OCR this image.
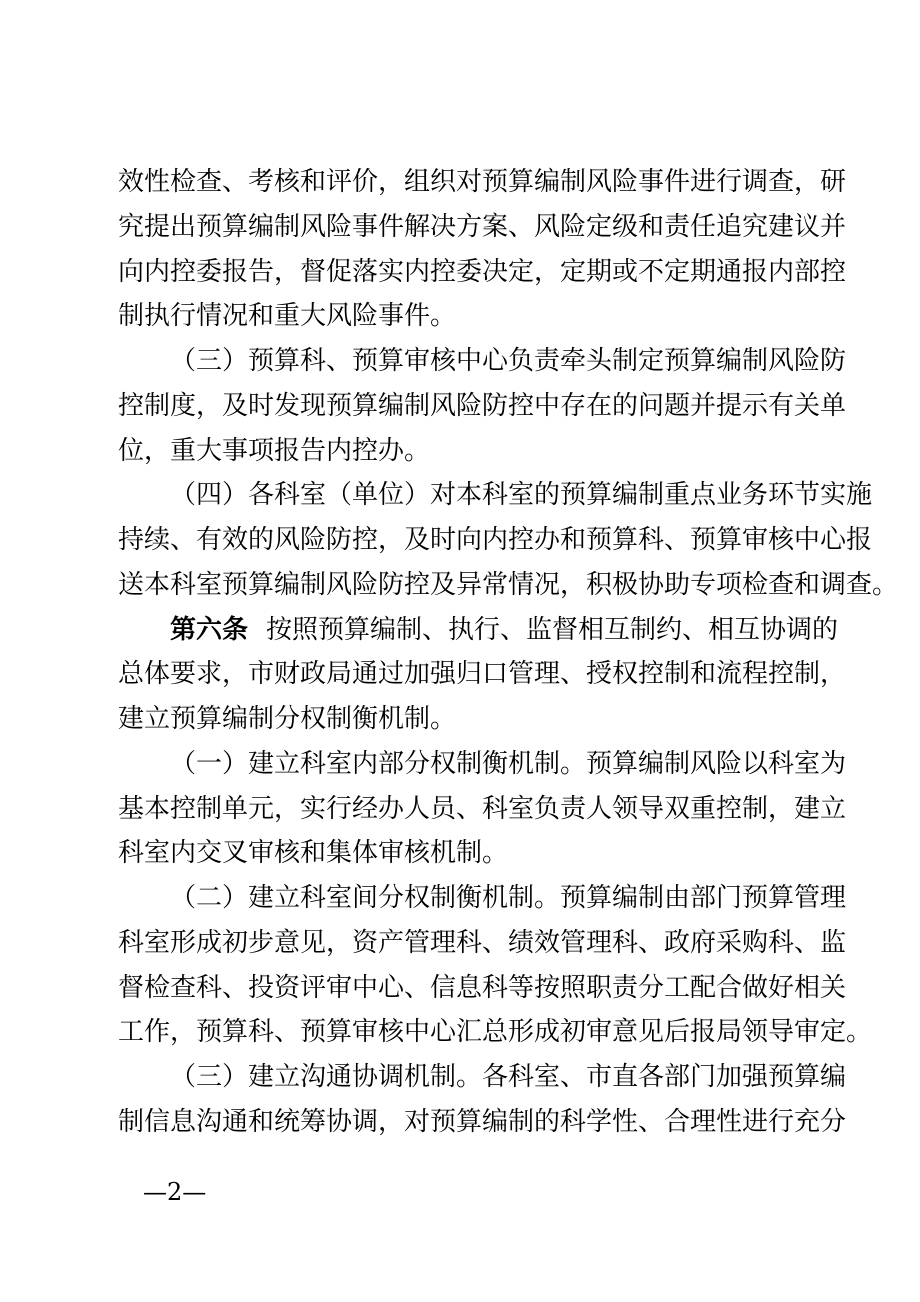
效性检查、考核和评价，组织对预算编制风险事件进行调查，研
究提出预算编制风险事件解决方案、风险定级和责任追究建议并
向内控委报告，督促落实内控委决定，定期或不定期通报内部控
制执行情况和重大风险事件。
（三）预算科、预算审核中心负责牵头制定预算编制风险防
控制度，及时发现预算编制风险防控中存在的问题并提示有关单
位，重大事项报告内控办。
（四）各科室（单位）对本科室的预算编制重点业务环节实施
持续、有效的风险防控，及时向内控办和预算科、预算审核中心报
送本科室预算编制风险防控及异常情况，积极协助专项检查和调查。
第六条 按照预算编制、执行、监督相互制约、相互协调的
总体要求，市财政局通过加强归口管理、授权控制和流程控制，
建立预算编制分权制衡机制。
（一）建立科室内部分权制衡机制。预算编制风险以科室为
基本控制单元，实行经办人员、科室负责人领导双重控制，建立
科室内交叉审核和集体审核机制。
（二）建立科室间分权制衡机制。预算编制由部门预算管理
科室形成初步意见，资产管理科、绩效管理科、政府采购科、监
督检查科、投资评审中心、信息科等按照职责分工配合做好相关
工作，预算科、预算审核中心汇总形成初审意见后报局领导审定。
（三）建立沟通协调机制。各科室、市直各部门加强预算编
制信息沟通和统筹协调，对预算编制的科学性、合理性进行充分
—2—
